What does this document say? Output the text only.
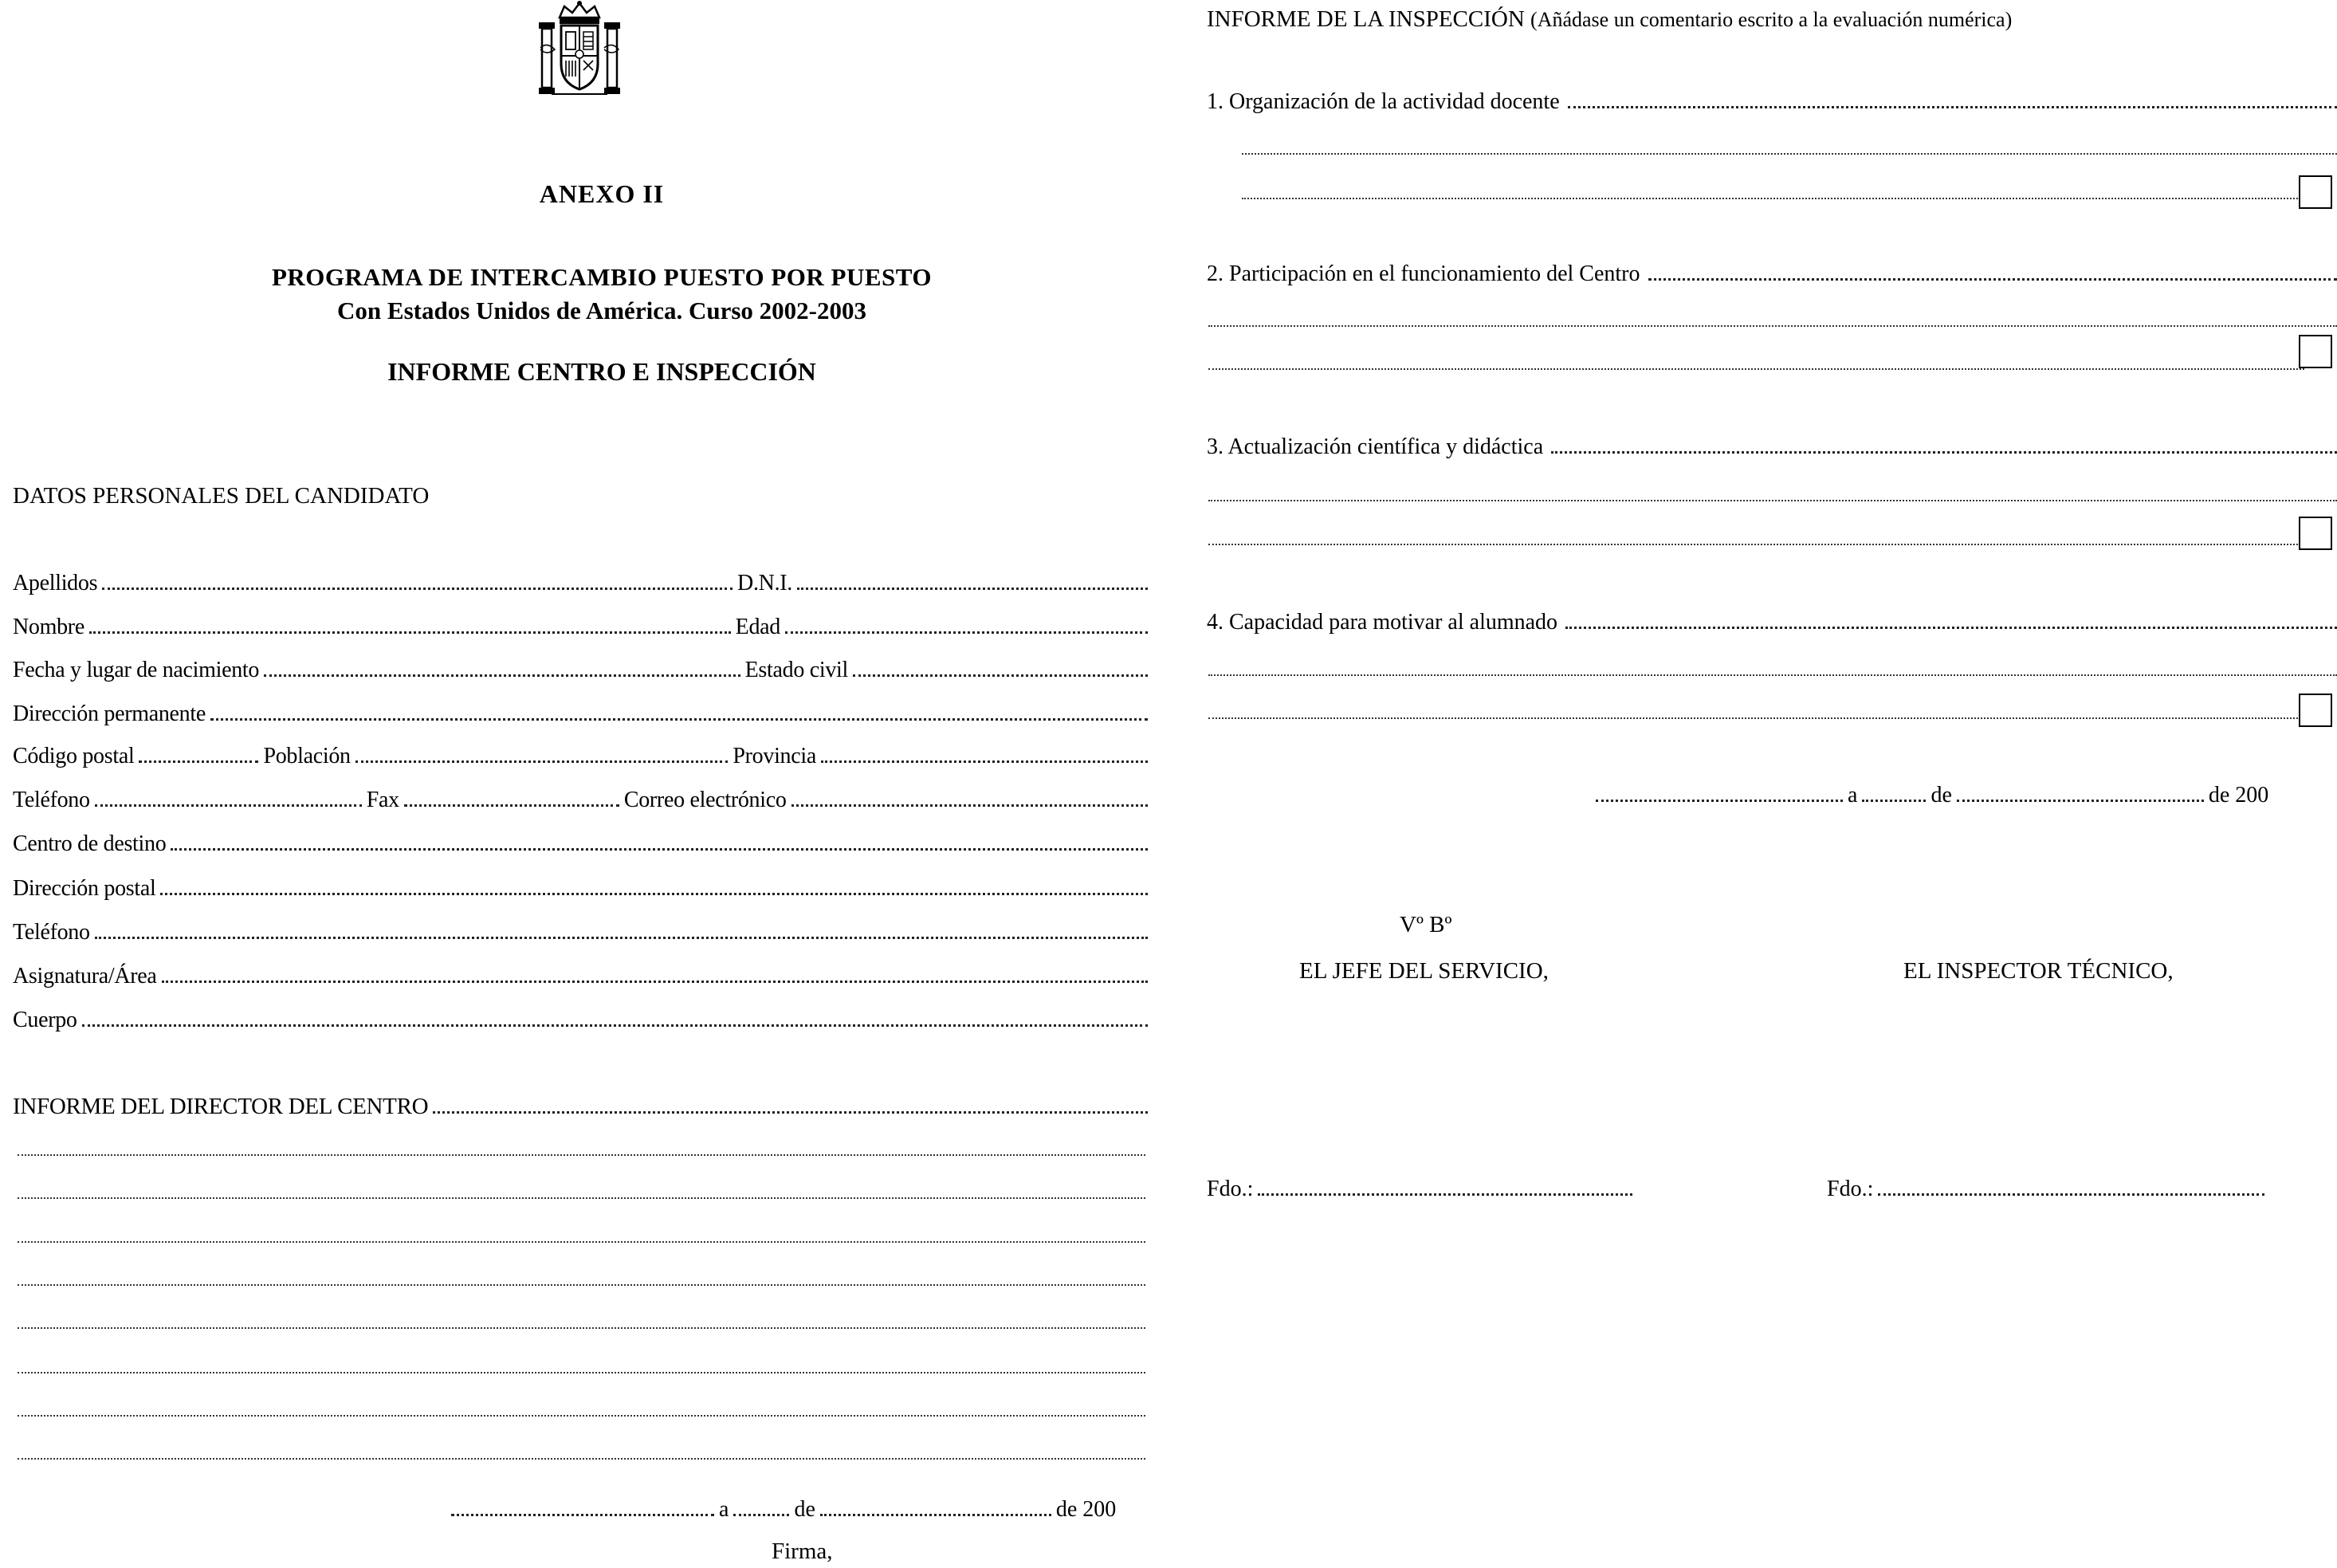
ANEXO II
PROGRAMA DE INTERCAMBIO PUESTO POR PUESTO
Con Estados Unidos de América. Curso 2002-2003
INFORME CENTRO E INSPECCIÓN
DATOS PERSONALES DEL CANDIDATO
Apellidos	D.N.I.
Nombre	Edad
Fecha y lugar de nacimiento	Estado civil
Dirección permanente
Código postal	Población	Provincia
Teléfono	Fax	Correo electrónico
Centro de destino
Dirección postal
Teléfono
Asignatura/Área
Cuerpo
INFORME DEL DIRECTOR DEL CENTRO
a	de	de 200
Firma,
INFORME DE LA INSPECCIÓN (Añádase un comentario escrito a la evaluación numérica)
1. Organización de la actividad docente
2. Participación en el funcionamiento del Centro
3. Actualización científica y didáctica
4. Capacidad para motivar al alumnado
a	de	de 200
Vº Bº
EL JEFE DEL SERVICIO,	EL INSPECTOR TÉCNICO,
Fdo.:	Fdo.:
